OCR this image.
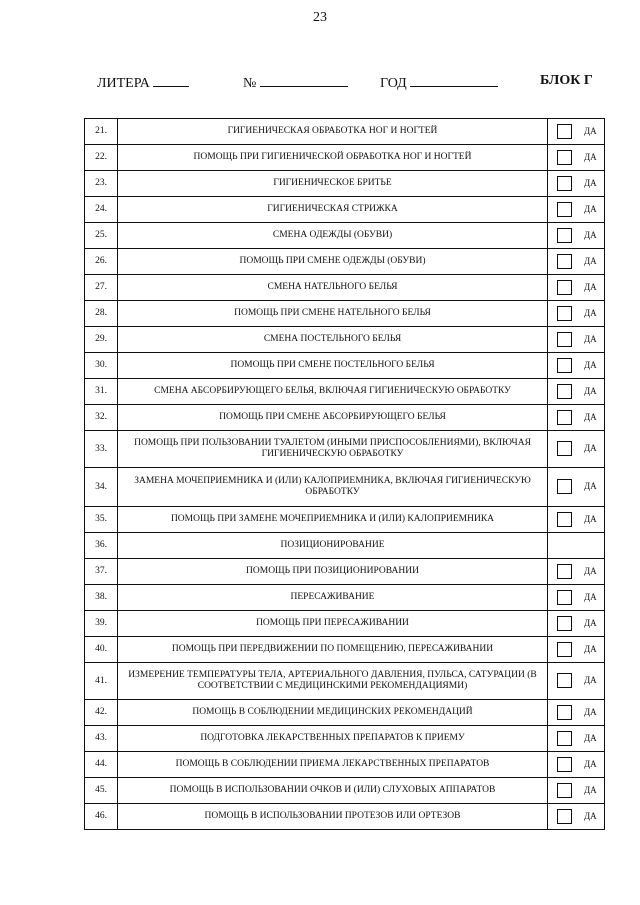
23
ЛИТЕРА	№	ГОД	БЛОК Г
21.	ГИГИЕНИЧЕСКАЯ ОБРАБОТКА НОГ И НОГТЕЙ	ДА

22.	ПОМОЩЬ ПРИ ГИГИЕНИЧЕСКОЙ ОБРАБОТКА НОГ И НОГТЕЙ	ДА

23.	ГИГИЕНИЧЕСКОЕ БРИТЬЕ	ДА

24.	ГИГИЕНИЧЕСКАЯ СТРИЖКА	ДА

25.	СМЕНА ОДЕЖДЫ (ОБУВИ)	ДА

26.	ПОМОЩЬ ПРИ СМЕНЕ ОДЕЖДЫ (ОБУВИ)	ДА

27.	СМЕНА НАТЕЛЬНОГО БЕЛЬЯ	ДА

28.	ПОМОЩЬ ПРИ СМЕНЕ НАТЕЛЬНОГО БЕЛЬЯ	ДА

29.	СМЕНА ПОСТЕЛЬНОГО БЕЛЬЯ	ДА

30.	ПОМОЩЬ ПРИ СМЕНЕ ПОСТЕЛЬНОГО БЕЛЬЯ	ДА

31.	СМЕНА АБСОРБИРУЮЩЕГО БЕЛЬЯ, ВКЛЮЧАЯ ГИГИЕНИЧЕСКУЮ ОБРАБОТКУ	ДА

32.	ПОМОЩЬ ПРИ СМЕНЕ АБСОРБИРУЮЩЕГО БЕЛЬЯ	ДА

33.	ПОМОЩЬ ПРИ ПОЛЬЗОВАНИИ ТУАЛЕТОМ (ИНЫМИ ПРИСПОСОБЛЕНИЯМИ), ВКЛЮЧАЯ ГИГИЕНИЧЕСКУЮ ОБРАБОТКУ	ДА

34.	ЗАМЕНА МОЧЕПРИЕМНИКА И (ИЛИ) КАЛОПРИЕМНИКА, ВКЛЮЧАЯ ГИГИЕНИЧЕСКУЮ ОБРАБОТКУ	ДА

35.	ПОМОЩЬ ПРИ ЗАМЕНЕ МОЧЕПРИЕМНИКА И (ИЛИ) КАЛОПРИЕМНИКА	ДА

36.	ПОЗИЦИОНИРОВАНИЕ	
37.	ПОМОЩЬ ПРИ ПОЗИЦИОНИРОВАНИИ	ДА

38.	ПЕРЕСАЖИВАНИЕ	ДА

39.	ПОМОЩЬ ПРИ ПЕРЕСАЖИВАНИИ	ДА

40.	ПОМОЩЬ ПРИ ПЕРЕДВИЖЕНИИ ПО ПОМЕЩЕНИЮ, ПЕРЕСАЖИВАНИИ	ДА

41.	ИЗМЕРЕНИЕ ТЕМПЕРАТУРЫ ТЕЛА, АРТЕРИАЛЬНОГО ДАВЛЕНИЯ, ПУЛЬСА, САТУРАЦИИ (В СООТВЕТСТВИИ С МЕДИЦИНСКИМИ РЕКОМЕНДАЦИЯМИ)	ДА

42.	ПОМОЩЬ В СОБЛЮДЕНИИ МЕДИЦИНСКИХ РЕКОМЕНДАЦИЙ	ДА

43.	ПОДГОТОВКА ЛЕКАРСТВЕННЫХ ПРЕПАРАТОВ К ПРИЕМУ	ДА

44.	ПОМОЩЬ В СОБЛЮДЕНИИ ПРИЕМА ЛЕКАРСТВЕННЫХ ПРЕПАРАТОВ	ДА

45.	ПОМОЩЬ В ИСПОЛЬЗОВАНИИ ОЧКОВ И (ИЛИ) СЛУХОВЫХ АППАРАТОВ	ДА

46.	ПОМОЩЬ В ИСПОЛЬЗОВАНИИ ПРОТЕЗОВ ИЛИ ОРТЕЗОВ	ДА
